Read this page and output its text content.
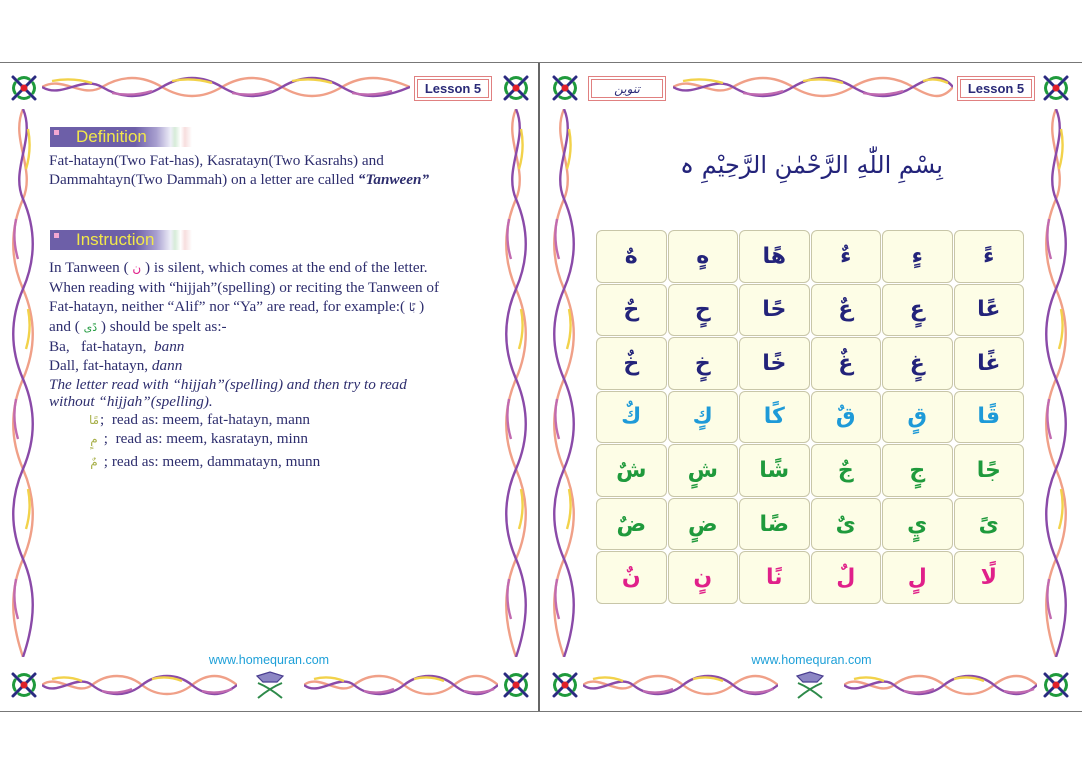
Lesson 5
Definition
Fat-hatayn(Two Fat-has), Kasratayn(Two Kasrahs) and
Dammahtayn(Two Dammah) on a letter are called “Tanween”
Instruction
In Tanween ( ن ) is silent, which comes at the end of the letter.
When reading with “hijjah”(spelling) or reciting the Tanween of
Fat-hatayn, neither “Alif” nor “Ya” are read, for example:( بًا )
and ( دًى ) should be spelt as:-
Ba,   fat-hatayn,  bann
Dall, fat-hatayn, dann
The letter read with “hijjah”(spelling) and then try to read
without “hijjah”(spelling).
مًا;  read as: meem, fat-hatayn, mann
مٍ ;  read as: meem, kasratayn, minn
مٌ ; read as: meem, dammatayn, munn
www.homequran.com
تنوین	Lesson 5
بِسْمِ اللّٰهِ الرَّحْمٰنِ الرَّحِيْمِ ہ
هٌ	هٍ	هًا	ءٌ	ءٍ	ءً
حٌ	حٍ	حًا	عٌ	عٍ	عًا
خٌ	خٍ	خًا	غٌ	غٍ	غًا
كٌ	كٍ	كًا	قٌ	قٍ	قًا
شٌ	شٍ	شًا	جٌ	جٍ	جًا
ضٌ	ضٍ	ضًا	ىٌ	يٍ	ىً
نٌ	نٍ	نًا	لٌ	لٍ	لًا
www.homequran.com
